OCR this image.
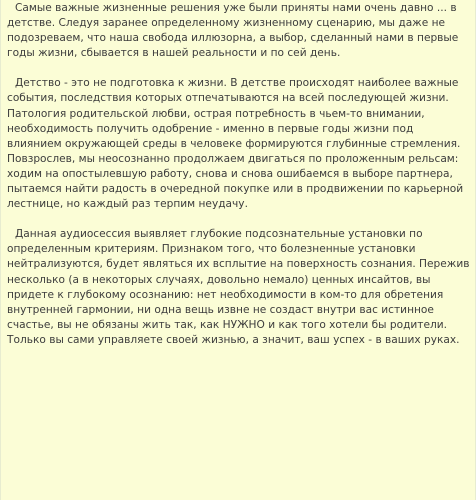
Самые важные жизненные решения уже были приняты нами очень давно ... в детстве. Следуя заранее определенному жизненному сценарию, мы даже не подозреваем, что наша свобода иллюзорна, а выбор, сделанный нами в первые годы жизни, сбывается в нашей реальности и по сей день.

Детство - это не подготовка к жизни. В детстве происходят наиболее важные события, последствия которых отпечатываются на всей последующей жизни. Патология родительской любви, острая потребность в чьем-то внимании, необходимость получить одобрение - именно в первые годы жизни под влиянием окружающей среды в человеке формируются глубинные стремления. Повзрослев, мы неосознанно продолжаем двигаться по проложенным рельсам: ходим на опостылевшую работу, снова и снова ошибаемся в выборе партнера, пытаемся найти радость в очередной покупке или в продвижении по карьерной лестнице, но каждый раз терпим неудачу.

Данная аудиосессия выявляет глубокие подсознательные установки по определенным критериям. Признаком того, что болезненные установки нейтрализуются, будет являться их всплытие на поверхность сознания. Пережив несколько (а в некоторых случаях, довольно немало) ценных инсайтов, вы придете к глубокому осознанию: нет необходимости в ком-то для обретения внутренней гармонии, ни одна вещь извне не создаст внутри вас истинное счастье, вы не обязаны жить так, как НУЖНО и как того хотели бы родители. Только вы сами управляете своей жизнью, а значит, ваш успех - в ваших руках.
